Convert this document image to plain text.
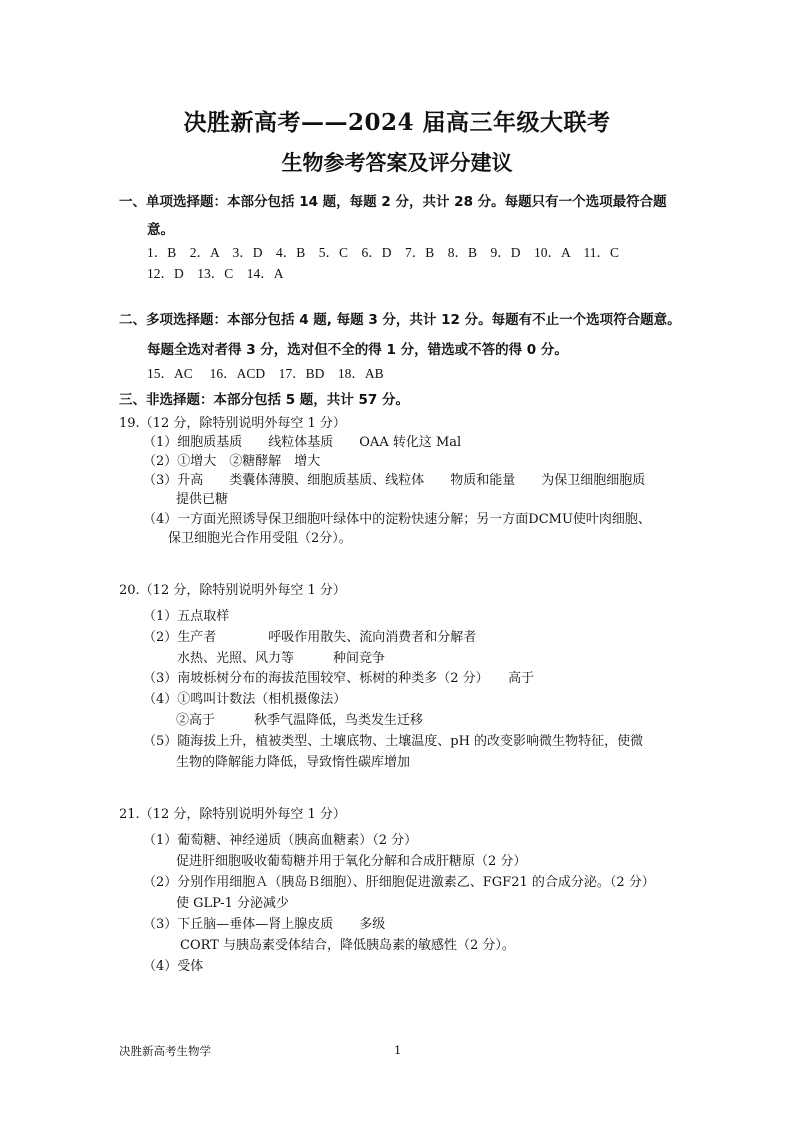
决胜新高考——2024 届高三年级大联考
生物参考答案及评分建议
一、单项选择题：本部分包括 14 题，每题 2 分，共计 28 分。每题只有一个选项最符合题
意。
1．B　2．A　3．D　4．B　5．C　6．D　7．B　8．B　9．D　10．A　11．C
12．D　13．C　14．A
二、多项选择题：本部分包括 4 题, 每题 3 分，共计 12 分。每题有不止一个选项符合题意。
每题全选对者得 3 分，选对但不全的得 1 分，错选或不答的得 0 分。
15．AC　 16．ACD　17．BD　18．AB
三、非选择题：本部分包括 5 题，共计 57 分。
19.（12 分，除特别说明外每空 1 分）
（1）细胞质基质　　线粒体基质　　OAA 转化这 Mal
（2）①增大　②糖酵解　增大
（3）升高　　类囊体薄膜、细胞质基质、线粒体　　物质和能量　　为保卫细胞细胞质
提供已糖
（4）一方面光照诱导保卫细胞叶绿体中的淀粉快速分解；另一方面DCMU使叶肉细胞、
保卫细胞光合作用受阻（2分）。
20.（12 分，除特别说明外每空 1 分）
（1）五点取样
（2）生产者　　　　呼吸作用散失、流向消费者和分解者
水热、光照、风力等　　　种间竞争
（3）南坡栎树分布的海拔范围较窄、栎树的种类多（2 分）　　高于
（4）①鸣叫计数法（相机摄像法）
②高于　　　秋季气温降低，鸟类发生迁移
（5）随海拔上升，植被类型、土壤底物、土壤温度、pH 的改变影响微生物特征，使微
生物的降解能力降低，导致惰性碳库增加
21.（12 分，除特别说明外每空 1 分）
（1）葡萄糖、神经递质（胰高血糖素）（2 分）
促进肝细胞吸收葡萄糖并用于氧化分解和合成肝糖原（2 分）
（2）分别作用细胞Ａ（胰岛Ｂ细胞）、肝细胞促进激素乙、FGF21 的合成分泌。（2 分）
使 GLP-1 分泌减少
（3）下丘脑—垂体—肾上腺皮质　　多级
CORT 与胰岛素受体结合，降低胰岛素的敏感性（2 分）。
（4）受体
决胜新高考生物学	1
